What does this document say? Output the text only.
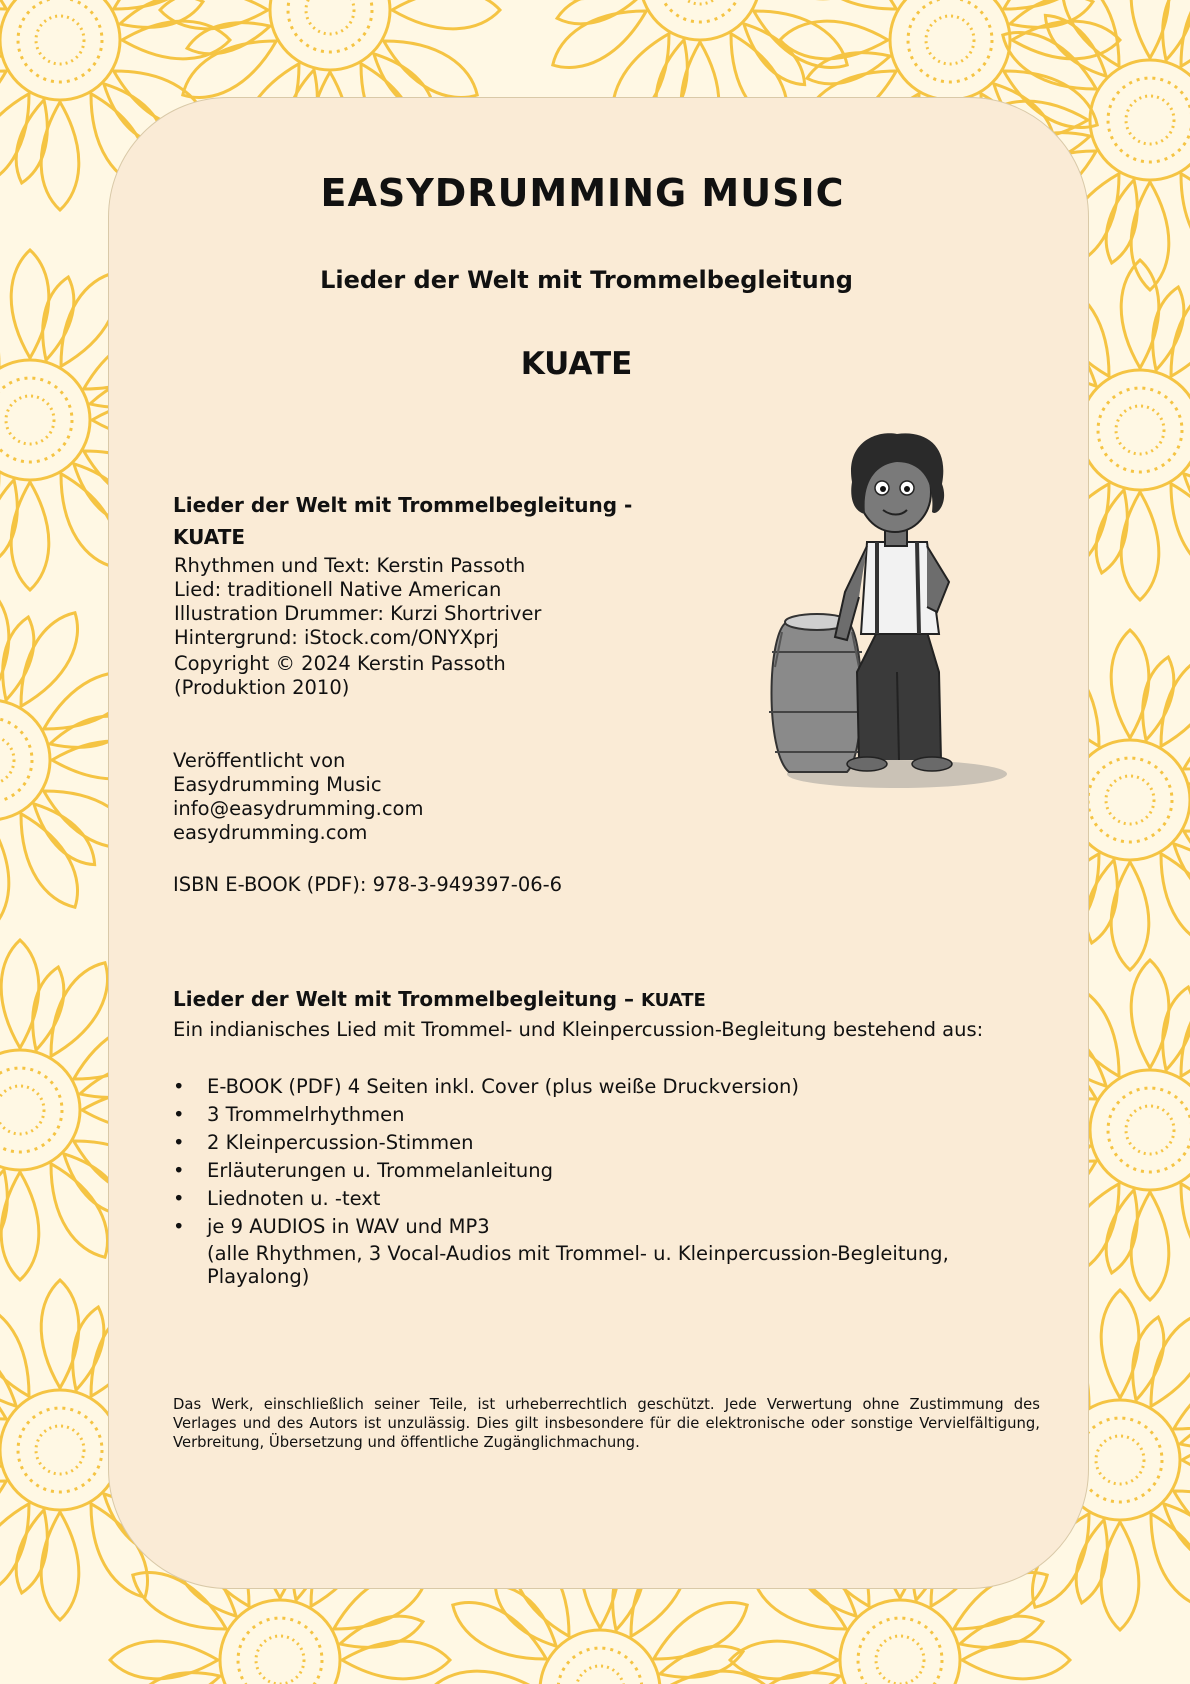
EASYDRUMMING MUSIC
Lieder der Welt mit Trommelbegleitung
KUATE
Lieder der Welt mit Trommelbegleitung -
KUATE
Rhythmen und Text: Kerstin Passoth
Lied: traditionell Native American
Illustration Drummer: Kurzi Shortriver
Hintergrund: iStock.com/ONYXprj
Copyright © 2024 Kerstin Passoth
(Produktion 2010)
Veröffentlicht von
Easydrumming Music
info@easydrumming.com
easydrumming.com
ISBN E-BOOK (PDF): 978-3-949397-06-6
Lieder der Welt mit Trommelbegleitung – KUATE
Ein indianisches Lied mit Trommel- und Kleinpercussion-Begleitung bestehend aus:
• E-BOOK (PDF) 4 Seiten inkl. Cover (plus weiße Druckversion)
• 3 Trommelrhythmen
• 2 Kleinpercussion-Stimmen
• Erläuterungen u. Trommelanleitung
• Liednoten u. -text
• je 9 AUDIOS in WAV und MP3
(alle Rhythmen, 3 Vocal-Audios mit Trommel- u. Kleinpercussion-Begleitung,
Playalong)
Das Werk, einschließlich seiner Teile, ist urheberrechtlich geschützt. Jede Verwertung ohne Zustimmung des Verlages und des Autors ist unzulässig. Dies gilt insbesondere für die elektronische oder sonstige Vervielfältigung, Verbreitung, Übersetzung und öffentliche Zugänglichmachung.
